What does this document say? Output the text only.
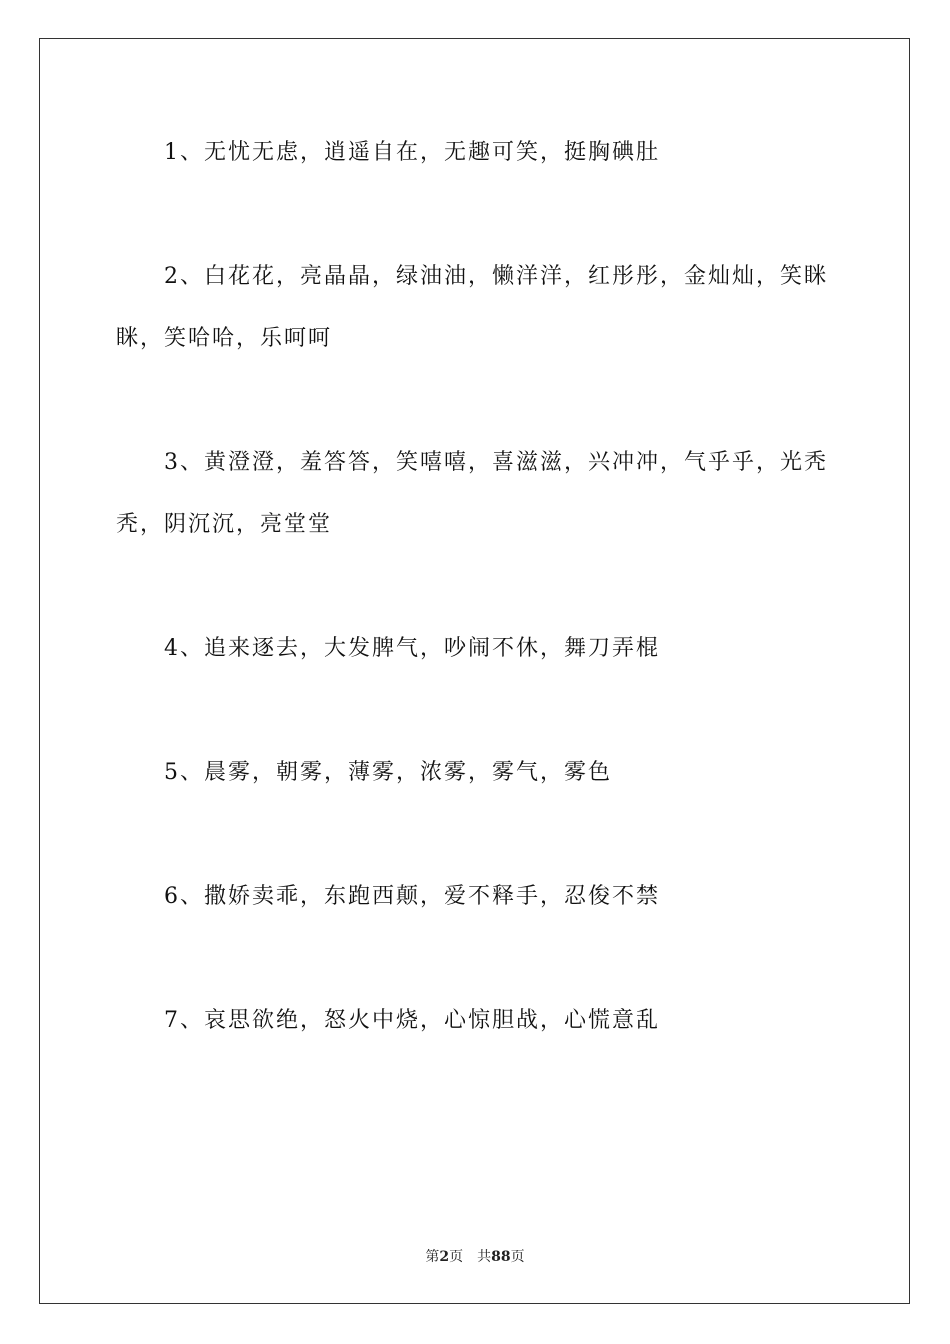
1、无忧无虑，逍遥自在，无趣可笑，挺胸碘肚

2、白花花，亮晶晶，绿油油，懒洋洋，红彤彤，金灿灿，笑眯眯，笑哈哈，乐呵呵

3、黄澄澄，羞答答，笑嘻嘻，喜滋滋，兴冲冲，气乎乎，光秃秃，阴沉沉，亮堂堂

4、追来逐去，大发脾气，吵闹不休，舞刀弄棍

5、晨雾，朝雾，薄雾，浓雾，雾气，雾色

6、撒娇卖乖，东跑西颠，爱不释手，忍俊不禁

7、哀思欲绝，怒火中烧，心惊胆战，心慌意乱

第2页 共88页
